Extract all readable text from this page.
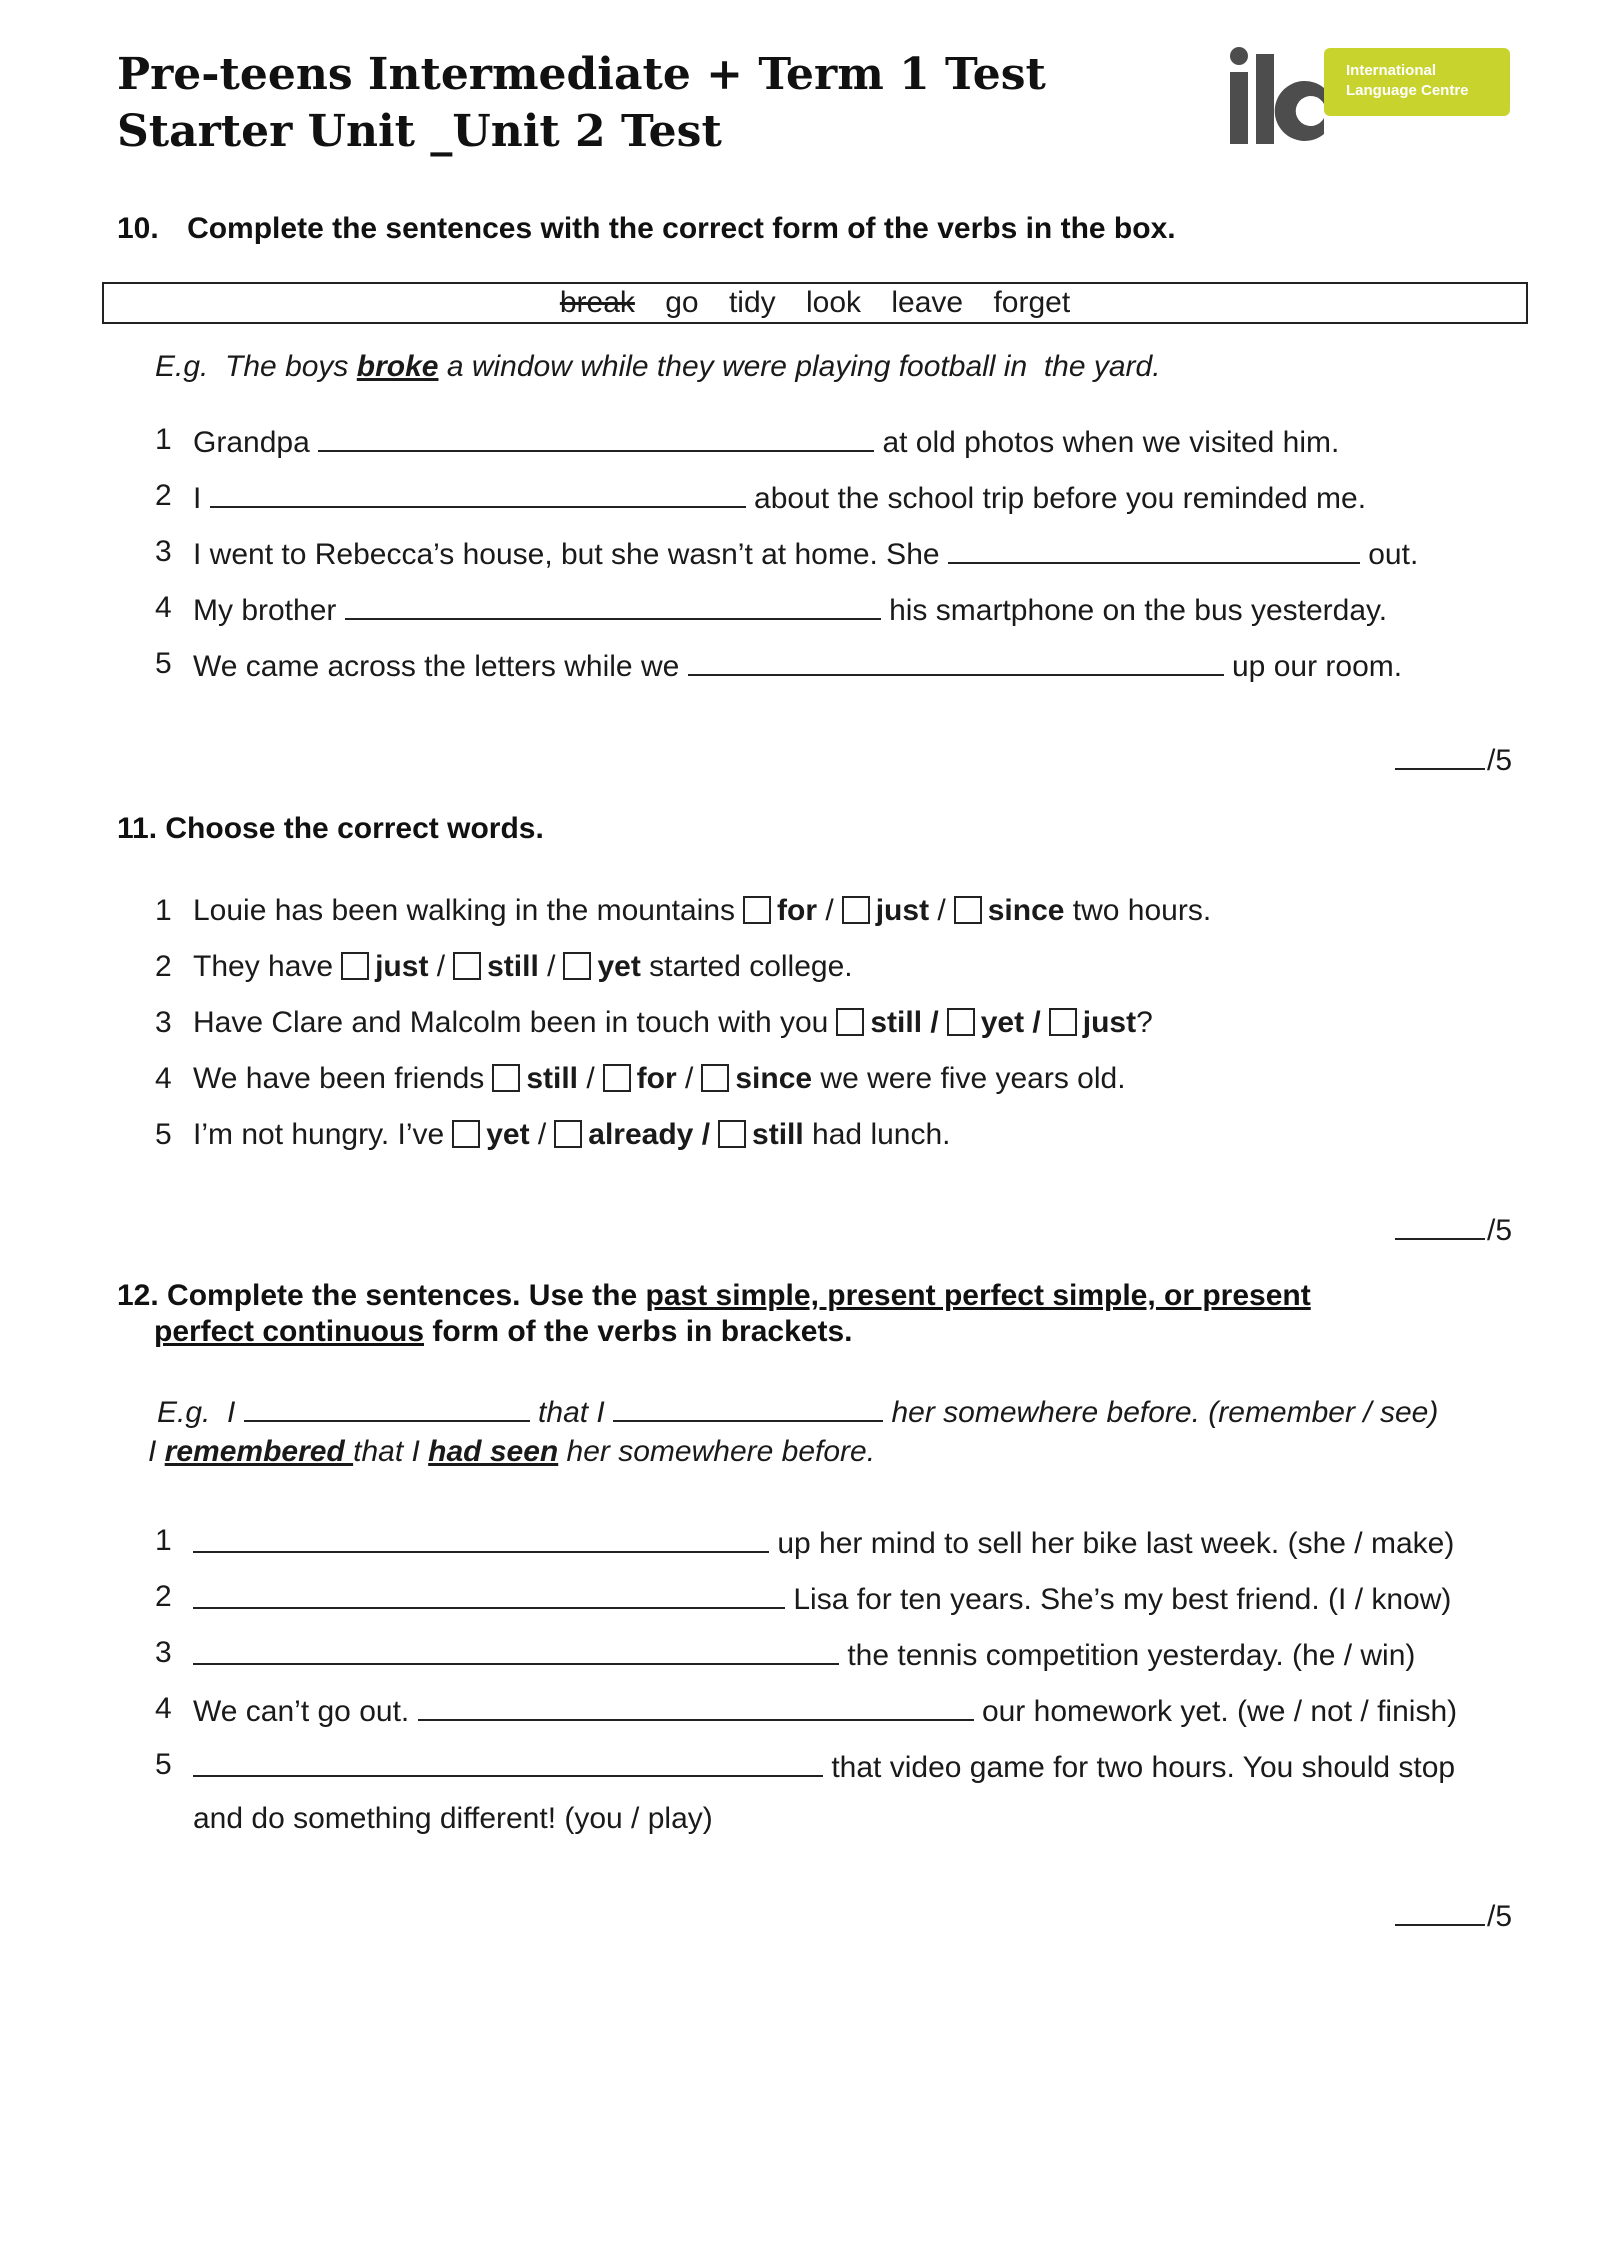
Pre-teens Intermediate + Term 1 Test
Starter Unit _Unit 2 Test
International
Language Centre
10. Complete the sentences with the correct form of the verbs in the box.
break go tidy look leave forget
E.g.  The boys broke a window while they were playing football in  the yard.
1 Grandpa	at old photos when we visited him.
2 I	about the school trip before you reminded me.
3 I went to Rebecca’s house, but she wasn’t at home. She	out.
4 My brother	his smartphone on the bus yesterday.
5 We came across the letters while we	up our room.
/5
11. Choose the correct words.
1 Louie has been walking in the mountains for / just / since two hours.
2 They have just / still / yet started college.
3 Have Clare and Malcolm been in touch with you still / yet / just?
4 We have been friends still / for / since we were five years old.
5 I’m not hungry. I’ve yet / already / still had lunch.
/5
12. Complete the sentences. Use the past simple, present perfect simple, or present
perfect continuous form of the verbs in brackets.
E.g.  I	that I	her somewhere before. (remember / see)
I remembered that I had seen her somewhere before.
1	up her mind to sell her bike last week. (she / make)
2	Lisa for ten years. She’s my best friend. (I / know)
3	the tennis competition yesterday. (he / win)
4 We can’t go out.	our homework yet. (we / not / finish)
5	that video game for two hours. You should stop
and do something different! (you / play)
/5
